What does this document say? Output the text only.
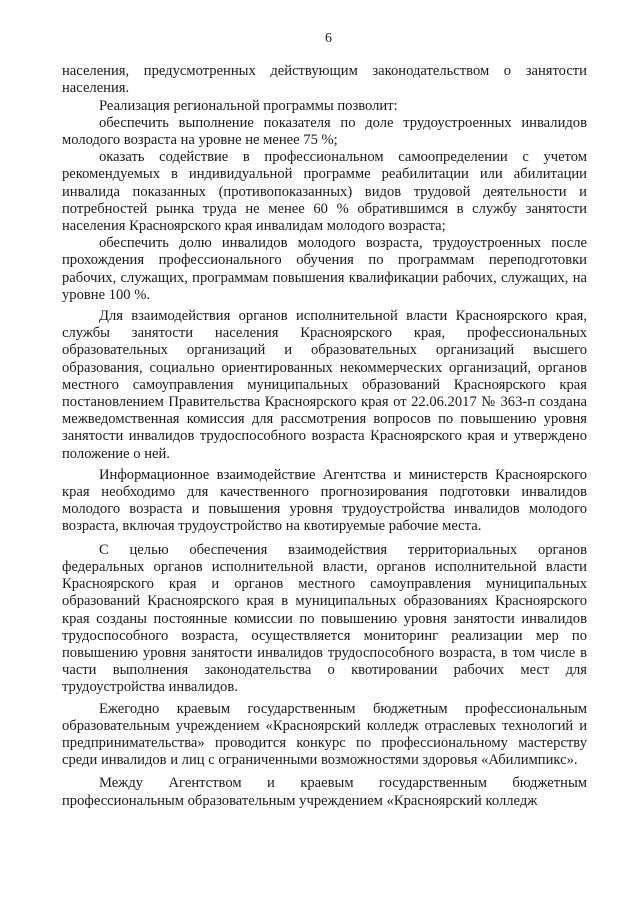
6

населения, предусмотренных действующим законодательством о занятости населения.

Реализация региональной программы позволит:

обеспечить выполнение показателя по доле трудоустроенных инвалидов молодого возраста на уровне не менее 75 %;

оказать содействие в профессиональном самоопределении с учетом рекомендуемых в индивидуальной программе реабилитации или абилитации инвалида показанных (противопоказанных) видов трудовой деятельности и потребностей рынка труда не менее 60 % обратившимся в службу занятости населения Красноярского края инвалидам молодого возраста;

обеспечить долю инвалидов молодого возраста, трудоустроенных после прохождения профессионального обучения по программам переподготовки рабочих, служащих, программам повышения квалификации рабочих, служащих, на уровне 100 %.

Для взаимодействия органов исполнительной власти Красноярского края, службы занятости населения Красноярского края, профессиональных образовательных организаций и образовательных организаций высшего образования, социально ориентированных некоммерческих организаций, органов местного самоуправления муниципальных образований Красноярского края постановлением Правительства Красноярского края от 22.06.2017 № 363-п создана межведомственная комиссия для рассмотрения вопросов по повышению уровня занятости инвалидов трудоспособного возраста Красноярского края и утверждено положение о ней.

Информационное взаимодействие Агентства и министерств Красноярского края необходимо для качественного прогнозирования подготовки инвалидов молодого возраста и повышения уровня трудоустройства инвалидов молодого возраста, включая трудоустройство на квотируемые рабочие места.

С целью обеспечения взаимодействия территориальных органов федеральных органов исполнительной власти, органов исполнительной власти Красноярского края и органов местного самоуправления муниципальных образований Красноярского края в муниципальных образованиях Красноярского края созданы постоянные комиссии по повышению уровня занятости инвалидов трудоспособного возраста, осуществляется мониторинг реализации мер по повышению уровня занятости инвалидов трудоспособного возраста, в том числе в части выполнения законодательства о квотировании рабочих мест для трудоустройства инвалидов.

Ежегодно краевым государственным бюджетным профессиональным образовательным учреждением «Красноярский колледж отраслевых технологий и предпринимательства» проводится конкурс по профессиональному мастерству среди инвалидов и лиц с ограниченными возможностями здоровья «Абилимпикс».

Между Агентством и краевым государственным бюджетным профессиональным образовательным учреждением «Красноярский колледж
